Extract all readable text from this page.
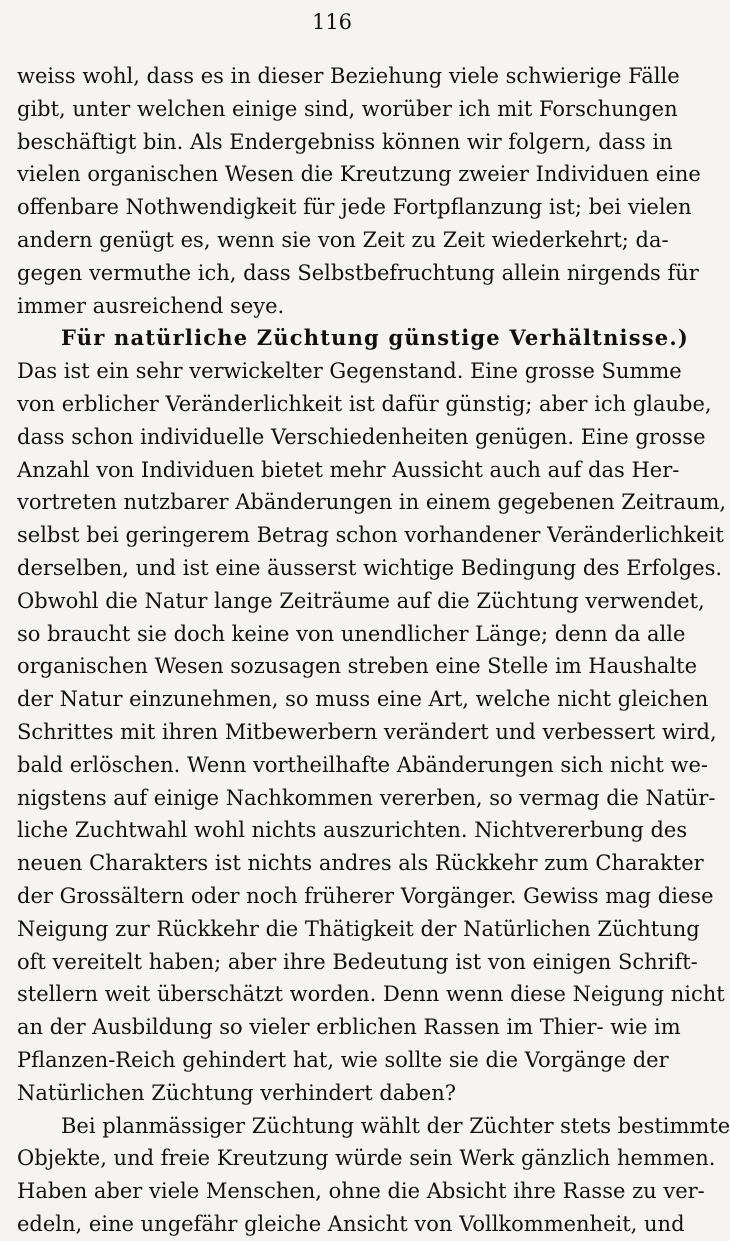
116
weiss wohl, dass es in dieser Beziehung viele schwierige Fälle
gibt, unter welchen einige sind, worüber ich mit Forschungen
beschäftigt bin. Als Endergebniss können wir folgern, dass in
vielen organischen Wesen die Kreutzung zweier Individuen eine
offenbare Nothwendigkeit für jede Fortpflanzung ist; bei vielen
andern genügt es, wenn sie von Zeit zu Zeit wiederkehrt; da-
gegen vermuthe ich, dass Selbstbefruchtung allein nirgends für
immer ausreichend seye.
Für natürliche Züchtung günstige Verhältnisse.)
Das ist ein sehr verwickelter Gegenstand. Eine grosse Summe
von erblicher Veränderlichkeit ist dafür günstig; aber ich glaube,
dass schon individuelle Verschiedenheiten genügen. Eine grosse
Anzahl von Individuen bietet mehr Aussicht auch auf das Her-
vortreten nutzbarer Abänderungen in einem gegebenen Zeitraum,
selbst bei geringerem Betrag schon vorhandener Veränderlichkeit
derselben, und ist eine äusserst wichtige Bedingung des Erfolges.
Obwohl die Natur lange Zeiträume auf die Züchtung verwendet,
so braucht sie doch keine von unendlicher Länge; denn da alle
organischen Wesen sozusagen streben eine Stelle im Haushalte
der Natur einzunehmen, so muss eine Art, welche nicht gleichen
Schrittes mit ihren Mitbewerbern verändert und verbessert wird,
bald erlöschen. Wenn vortheilhafte Abänderungen sich nicht we-
nigstens auf einige Nachkommen vererben, so vermag die Natür-
liche Zuchtwahl wohl nichts auszurichten. Nichtvererbung des
neuen Charakters ist nichts andres als Rückkehr zum Charakter
der Grossältern oder noch früherer Vorgänger. Gewiss mag diese
Neigung zur Rückkehr die Thätigkeit der Natürlichen Züchtung
oft vereitelt haben; aber ihre Bedeutung ist von einigen Schrift-
stellern weit überschätzt worden. Denn wenn diese Neigung nicht
an der Ausbildung so vieler erblichen Rassen im Thier- wie im
Pflanzen-Reich gehindert hat, wie sollte sie die Vorgänge der
Natürlichen Züchtung verhindert daben?
Bei planmässiger Züchtung wählt der Züchter stets bestimmte
Objekte, und freie Kreutzung würde sein Werk gänzlich hemmen.
Haben aber viele Menschen, ohne die Absicht ihre Rasse zu ver-
edeln, eine ungefähr gleiche Ansicht von Vollkommenheit, und
